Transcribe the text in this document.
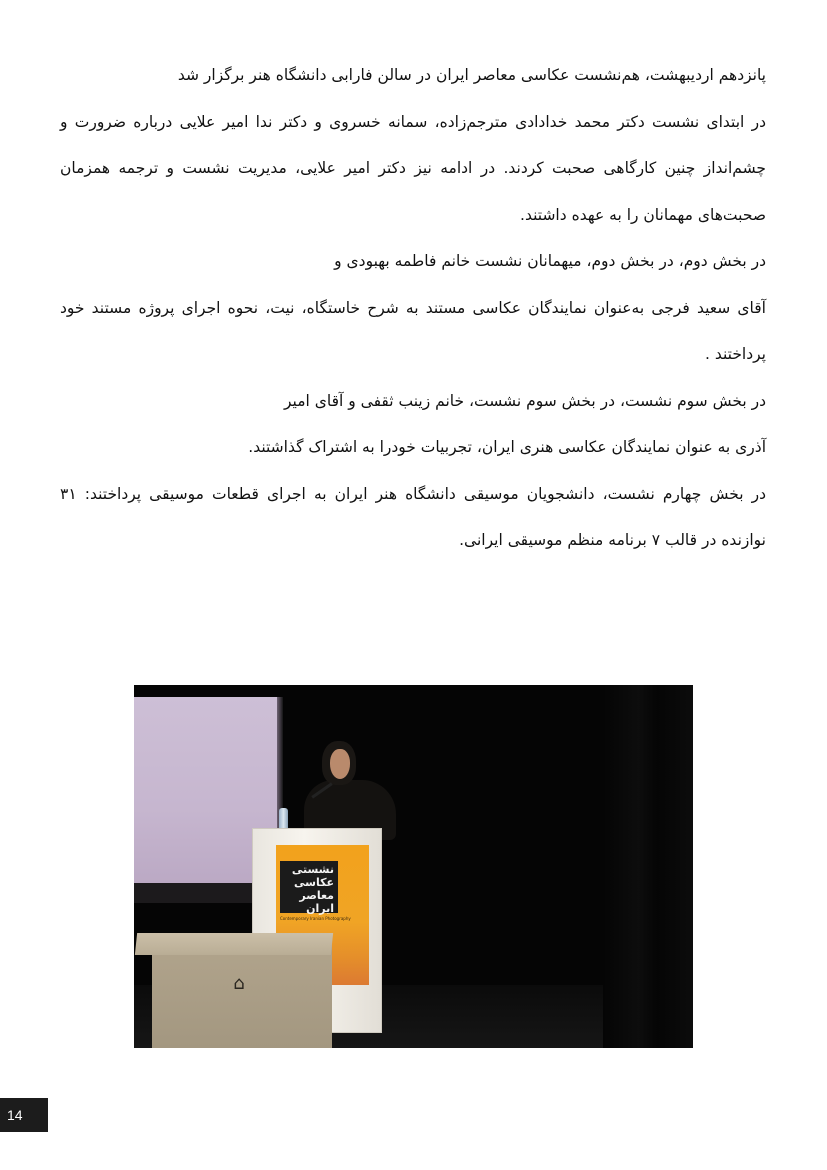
پانزدهم اردیبهشت، هم‌نشست عکاسی معاصر ایران در سالن فارابی دانشگاه هنر برگزار شد

در ابتدای نشست دکتر محمد خدادادی مترجم‌زاده، سمانه خسروی و دکتر ندا امیر علایی درباره ضرورت و چشم‌انداز چنین کارگاهی صحبت کردند. در ادامه نیز دکتر امیر علایی، مدیریت نشست و ترجمه همزمان صحبت‌های مهمانان را به عهده داشتند.

در بخش دوم، در بخش دوم، میهمانان نشست خانم فاطمه بهبودی و

آقای سعید فرجی به‌عنوان نمایندگان عکاسی مستند به شرح خاستگاه، نیت، نحوه اجرای پروژه مستند خود پرداختند .

در بخش سوم نشست، در بخش سوم نشست، خانم زینب ثقفی و آقای امیر

آذری به عنوان نمایندگان عکاسی هنری ایران، تجربیات خودرا به اشتراک گذاشتند.

در بخش چهارم نشست، دانشجویان موسیقی دانشگاه هنر ایران به اجرای قطعات موسیقی پرداختند: ۳۱ نوازنده در قالب ۷ برنامه منظم موسیقی ایرانی.

نشستی عکاسی معاصر ایران
Contemporary Iranian Photography
⌂
14
